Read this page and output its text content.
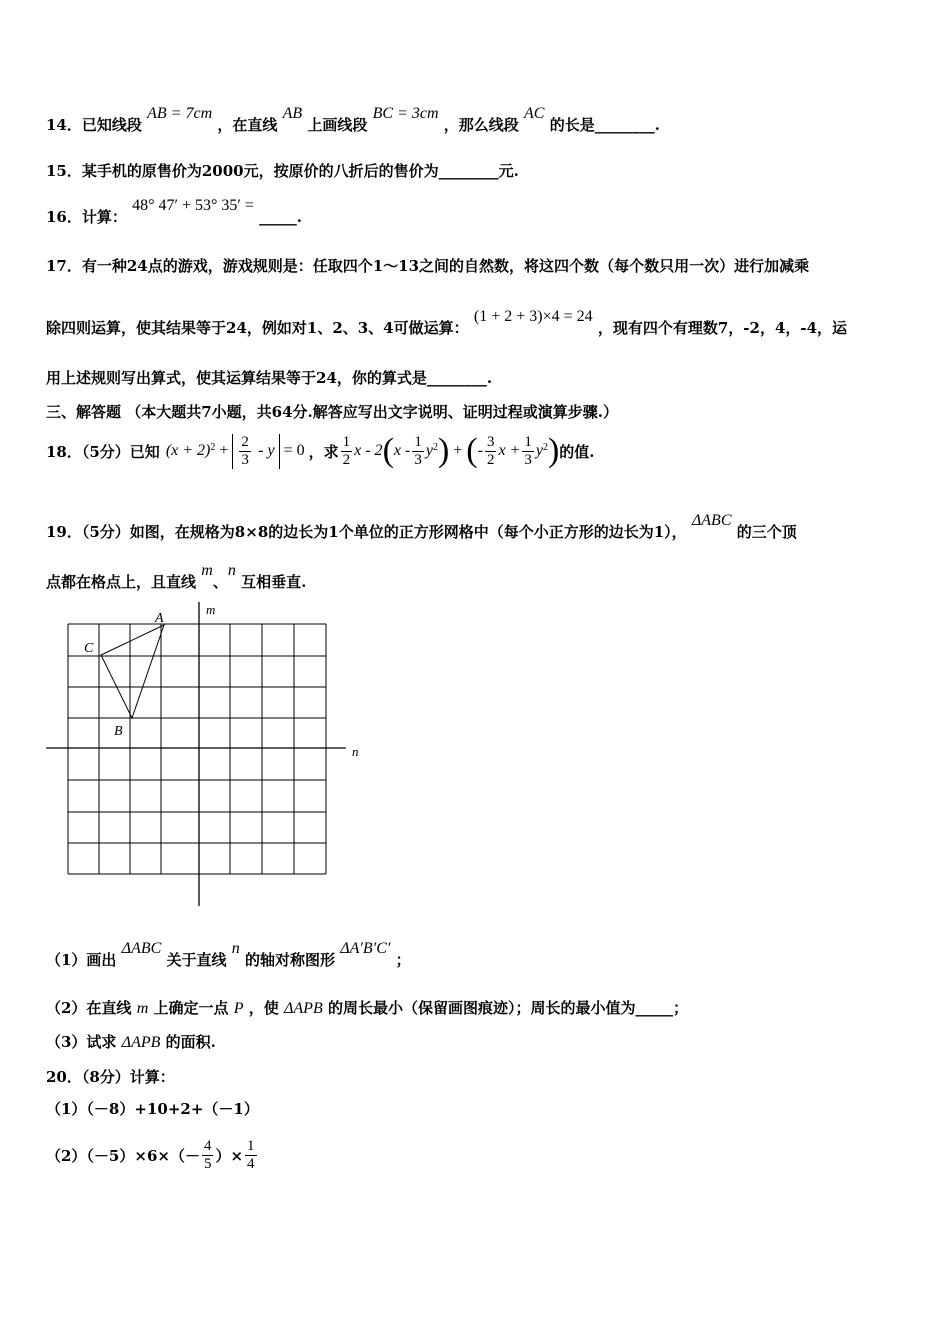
14．已知线段 AB = 7cm ，在直线 AB 上画线段 BC = 3cm ，那么线段 AC 的长是________.
15．某手机的原售价为2000元，按原价的八折后的售价为________元.
16．计算： 48° 47′ + 53° 35′ = _____.
17．有一种24点的游戏，游戏规则是：任取四个1～13之间的自然数，将这四个数（每个数只用一次）进行加减乘
除四则运算，使其结果等于24，例如对1、2、3、4可做运算： (1 + 2 + 3)×4 = 24 ，现有四个有理数7，-2，4，-4，运
用上述规则写出算式，使其运算结果等于24，你的算式是________.
三、解答题 （本大题共7小题，共64分.解答应写出文字说明、证明过程或演算步骤.）
18．（5分）已知 $(x + 2)^2 + \frac{2}{3} - y = 0$ ，求 $\frac{1}{2}$ x - 2 ( x - $\frac{1}{3} y^2$ ) + ( - $\frac{3}{2}$ $x + \frac{1}{3} y^2$ ) 的值.
19．（5分）如图，在规格为8×8的边长为1个单位的正方形网格中（每个小正方形的边长为1）， ΔABC 的三个顶
点都在格点上，且直线 m、n 互相垂直.
m
n
A
C
B
（1）画出 ΔABC 关于直线 n 的轴对称图形 ΔA′B′C′ ；
（2）在直线 m 上确定一点 P ，使 ΔAPB 的周长最小（保留画图痕迹）；周长的最小值为_____；
（3）试求 ΔAPB 的面积.
20．（8分）计算：
（1）（－8）+10+2+（－1）
$(2)(-5)\times 6\times(- \frac{4}{5}$ ）× $\frac{1}{4}$
